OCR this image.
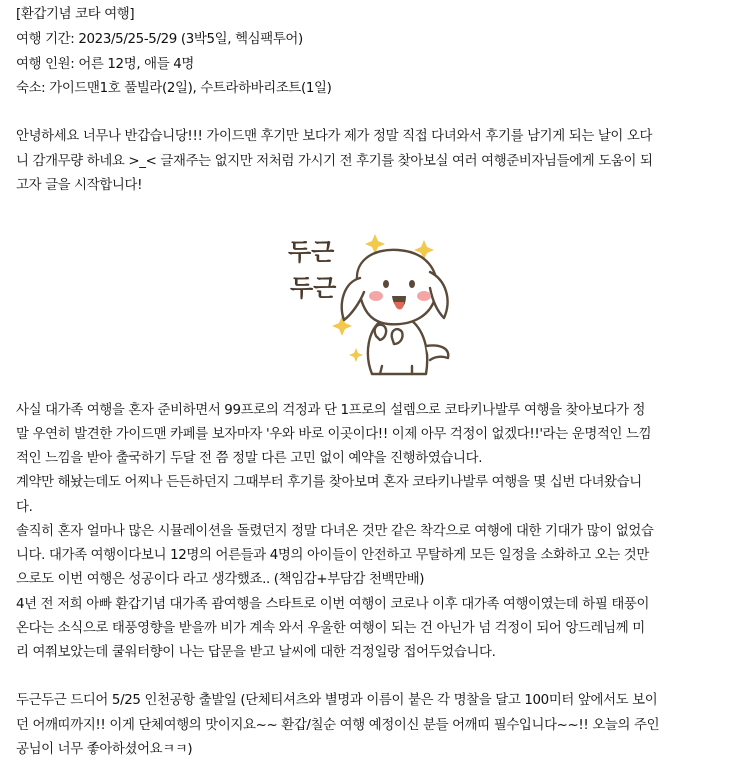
[환갑기념 코타 여행]
여행 기간: 2023/5/25-5/29 (3박5일, 헥심팩투어)
여행 인원: 어른 12명, 애들 4명
숙소: 가이드맨1호 풀빌라(2일), 수트라하바리조트(1일)
안녕하세요 너무나 반갑습니당!!! 가이드맨 후기만 보다가 제가 정말 직접 다녀와서 후기를 남기게 되는 날이 오다
니 감개무량 하네요 >_< 글재주는 없지만 저처럼 가시기 전 후기를 찾아보실 여러 여행준비자님들에게 도움이 되
고자 글을 시작합니다!
두근
두근
사실 대가족 여행을 혼자 준비하면서 99프로의 걱정과 단 1프로의 설렘으로 코타키나발루 여행을 찾아보다가 정
말 우연히 발견한 가이드맨 카페를 보자마자 '우와 바로 이곳이다!! 이제 아무 걱정이 없겠다!!'라는 운명적인 느낌
적인 느낌을 받아 출국하기 두달 전 쯤 정말 다른 고민 없이 예약을 진행하였습니다.
계약만 해놨는데도 어찌나 든든하던지 그때부터 후기를 찾아보며 혼자 코타키나발루 여행을 몇 십번 다녀왔습니
다.
솔직히 혼자 얼마나 많은 시뮬레이션을 돌렸던지 정말 다녀온 것만 같은 착각으로 여행에 대한 기대가 많이 없었습
니다. 대가족 여행이다보니 12명의 어른들과 4명의 아이들이 안전하고 무탈하게 모든 일정을 소화하고 오는 것만
으로도 이번 여행은 성공이다 라고 생각했죠.. (책임감+부담감 천백만배)
4년 전 저희 아빠 환갑기념 대가족 괌여행을 스타트로 이번 여행이 코로나 이후 대가족 여행이였는데 하필 태풍이
온다는 소식으로 태풍영향을 받을까 비가 계속 와서 우울한 여행이 되는 건 아닌가 넘 걱정이 되어 앙드레님께 미
리 여쭤보았는데 쿨워터향이 나는 답문을 받고 날씨에 대한 걱정일랑 접어두었습니다.
두근두근 드디어 5/25 인천공항 출발일 (단체티셔츠와 별명과 이름이 붙은 각 명찰을 달고 100미터 앞에서도 보이
던 어깨띠까지!! 이게 단체여행의 맛이지요~~ 환갑/칠순 여행 예정이신 분들 어깨띠 필수입니다~~!! 오늘의 주인
공님이 너무 좋아하셨어요ㅋㅋ)
